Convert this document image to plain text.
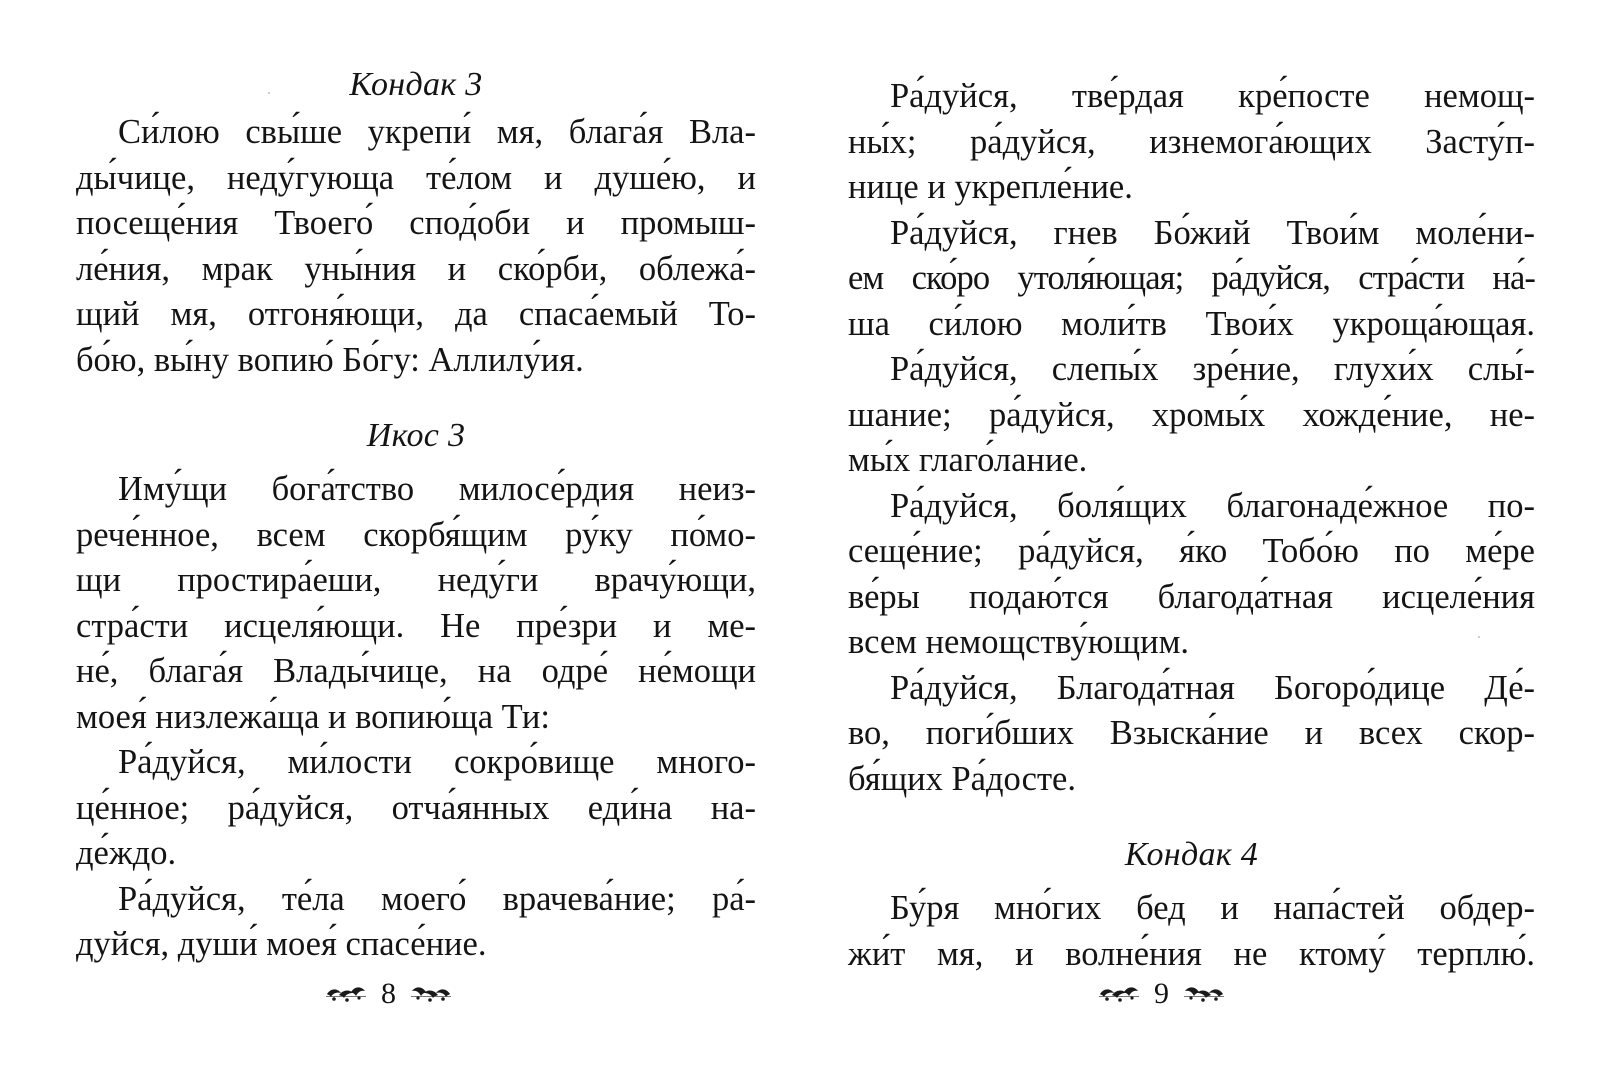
Кондак 3
Си́лою свы́ше укрепи́ мя, блага́я Вла-
ды́чице, неду́гующа те́лом и душе́ю, и
посеще́ния Твоего́ спод́оби и промыш-
ле́ния, мрак уны́ния и ско́рби, облежа́-
щий мя, отгоня́ющи, да спаса́емый То-
бо́ю, вы́ну вопию́ Бо́гу: Аллилу́ия.
Икос 3
Иму́щи бога́тство милосе́рдия неиз-
рече́нное, всем скорбя́щим ру́ку по́мо-
щи простира́еши, неду́ги врачу́ющи,
стра́сти исцеля́ющи. Не пре́зри и ме-
не́, блага́я Влады́чице, на одре́ не́мощи
моея́ низлежа́ща и вопию́ща Ти:
Ра́дуйся, ми́лости сокро́вище много-
це́нное; ра́дуйся, отча́янных еди́на на-
де́ждо.
Ра́дуйся, те́ла моего́ врачева́ние; ра́-
дуйся, души́ моея́ спасе́ние.
8
Ра́дуйся, тве́рдая кре́посте немощ-
ны́х; ра́дуйся, изнемога́ющих Засту́п-
нице и укрепле́ние.
Ра́дуйся, гнев Бо́жий Твои́м моле́ни-
ем ско́ро утоля́ющая; ра́дуйся, стра́сти на́-
ша си́лою моли́тв Твои́х укроща́ющая.
Ра́дуйся, слепы́х зре́ние, глухи́х слы́-
шание; ра́дуйся, хромы́х хожде́ние, не-
мы́х глаго́лание.
Ра́дуйся, боля́щих благонаде́жное по-
сеще́ние; ра́дуйся, я́ко Тобо́ю по ме́ре
ве́ры подаю́тся благода́тная исцеле́ния
всем немощству́ющим.
Ра́дуйся, Благода́тная Богоро́дице Де́-
во, поги́бших Взыска́ние и всех скор-
бя́щих Ра́досте.
Кондак 4
Бу́ря мно́гих бед и напа́стей обдер-
жи́т мя, и волне́ния не ктому́ терплю́.
9
